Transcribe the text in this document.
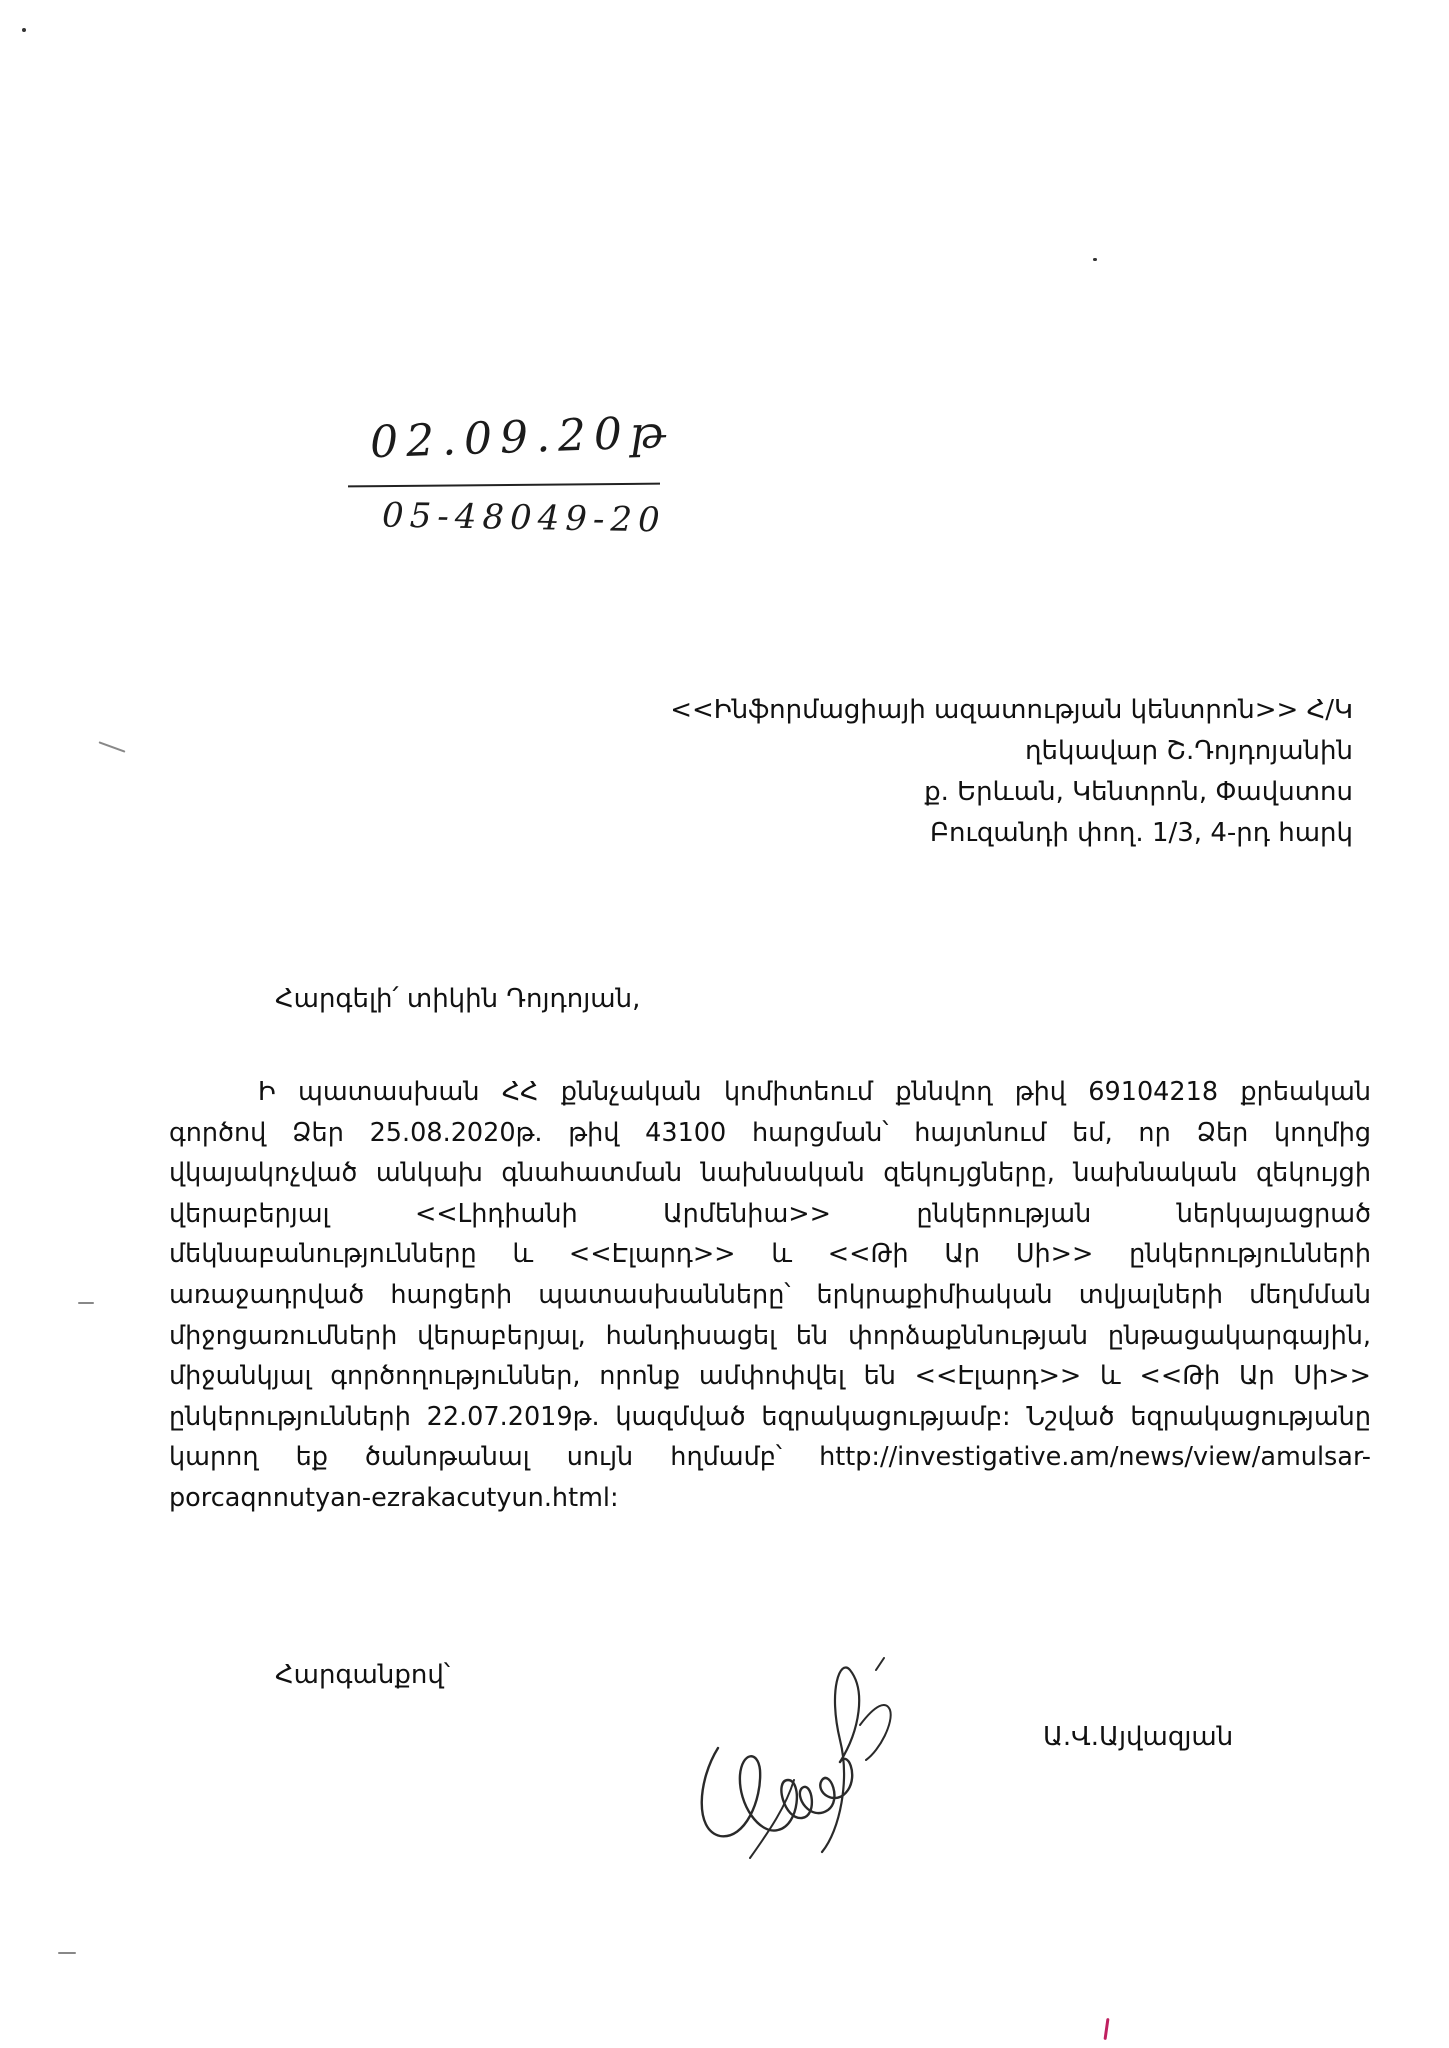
02.09.20թ
05-48049-20
<<Ինֆորմացիայի ազատության կենտրոն>> Հ/Կ
ղեկավար Շ.Դոյդոյանին
ք. Երևան, Կենտրոն, Փավստոս
Բուզանդի փող. 1/3, 4-րդ հարկ
Հարգելի՛ տիկին Դոյդոյան,
Ի պատասխան ՀՀ քննչական կոմիտեում քննվող թիվ 69104218 քրեական գործով Ձեր 25.08.2020թ. թիվ 43100 հարցման՝ հայտնում եմ, որ Ձեր կողմից վկայակոչված անկախ գնահատման նախնական զեկույցները, նախնական զեկույցի վերաբերյալ <<Լիդիանի Արմենիա>> ընկերության ներկայացրած մեկնաբանությունները և <<Էլարդ>> և <<Թի Ար Սի>> ընկերությունների առաջադրված հարցերի պատասխանները՝ երկրաքիմիական տվյալների մեղմման միջոցառումների վերաբերյալ, հանդիսացել են փորձաքննության ընթացակարգային, միջանկյալ գործողություններ, որոնք ամփոփվել են <<Էլարդ>> և <<Թի Ար Սի>> ընկերությունների 22.07.2019թ. կազմված եզրակացությամբ: Նշված եզրակացությանը կարող եք ծանոթանալ սույն հղմամբ՝ http://investigative.am/news/view/amulsar-porcaqnnutyan-ezrakacutyun.html:
Հարգանքով՝
Ա.Վ.Այվազյան
